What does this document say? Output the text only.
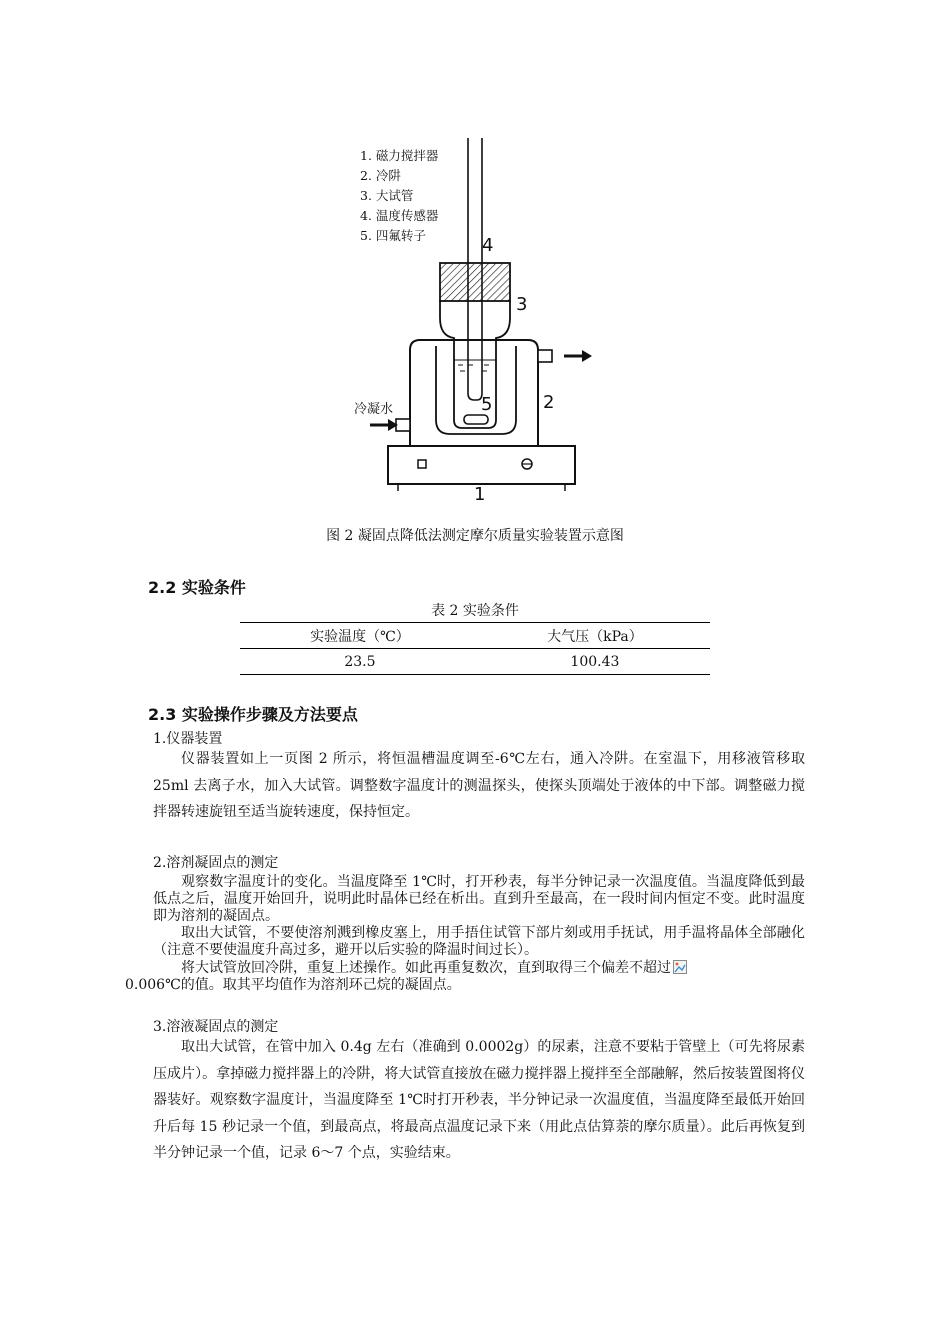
1. 磁力搅拌器
2. 冷阱
3. 大试管
4. 温度传感器
5. 四氟转子
1
2
3
4
5
冷凝水
图 2 凝固点降低法测定摩尔质量实验装置示意图
2.2 实验条件
表 2 实验条件
实验温度（℃）	大气压（kPa）
23.5	100.43
2.3 实验操作步骤及方法要点
1.仪器装置
仪器装置如上一页图 2 所示，将恒温槽温度调至-6℃左右，通入冷阱。在室温下，用移液管移取 25ml 去离子水，加入大试管。调整数字温度计的测温探头，使探头顶端处于液体的中下部。调整磁力搅拌器转速旋钮至适当旋转速度，保持恒定。
2.溶剂凝固点的测定
观察数字温度计的变化。当温度降至 1℃时，打开秒表，每半分钟记录一次温度值。当温度降低到最低点之后，温度开始回升，说明此时晶体已经在析出。直到升至最高，在一段时间内恒定不变。此时温度即为溶剂的凝固点。
取出大试管，不要使溶剂溅到橡皮塞上，用手捂住试管下部片刻或用手抚试，用手温将晶体全部融化（注意不要使温度升高过多，避开以后实验的降温时间过长）。
将大试管放回冷阱，重复上述操作。如此再重复数次，直到取得三个偏差不超过
0.006℃的值。取其平均值作为溶剂环己烷的凝固点。
3.溶液凝固点的测定
取出大试管，在管中加入 0.4g 左右（准确到 0.0002g）的尿素，注意不要粘于管壁上（可先将尿素压成片）。拿掉磁力搅拌器上的冷阱，将大试管直接放在磁力搅拌器上搅拌至全部融解，然后按装置图将仪器装好。观察数字温度计，当温度降至 1℃时打开秒表，半分钟记录一次温度值，当温度降至最低开始回升后每 15 秒记录一个值，到最高点，将最高点温度记录下来（用此点估算萘的摩尔质量）。此后再恢复到半分钟记录一个值，记录 6～7 个点，实验结束。
